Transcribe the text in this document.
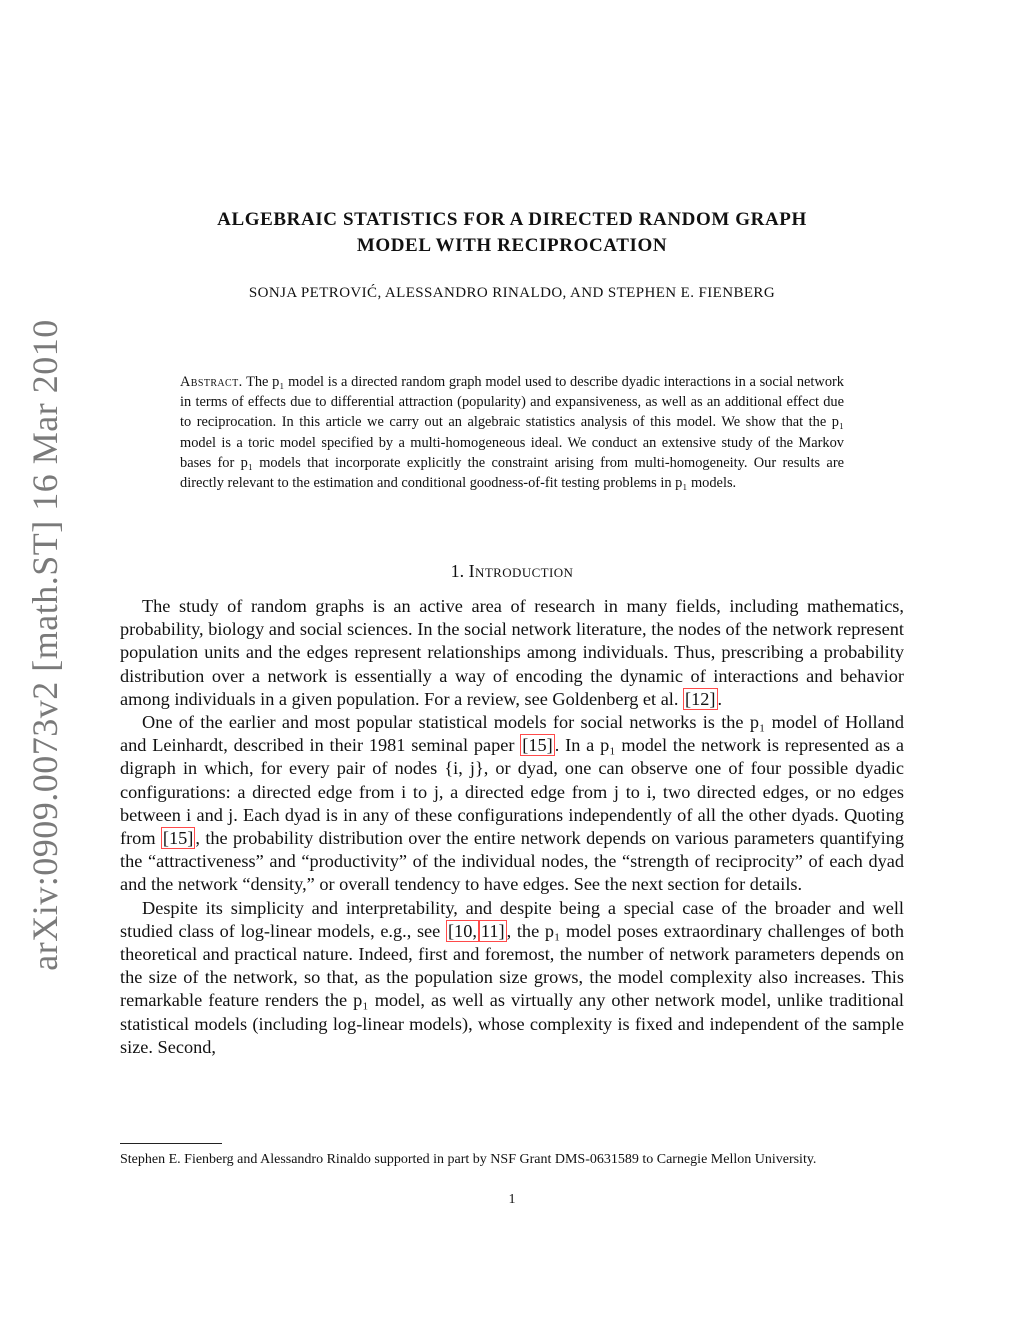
arXiv:0909.0073v2 [math.ST] 16 Mar 2010
ALGEBRAIC STATISTICS FOR A DIRECTED RANDOM GRAPH
MODEL WITH RECIPROCATION
SONJA PETROVIĆ, ALESSANDRO RINALDO, AND STEPHEN E. FIENBERG
Abstract. The p₁ model is a directed random graph model used to describe dyadic interactions in a social network in terms of effects due to differential attraction (popularity) and expansiveness, as well as an additional effect due to reciprocation. In this article we carry out an algebraic statistics analysis of this model. We show that the p₁ model is a toric model specified by a multi-homogeneous ideal. We conduct an extensive study of the Markov bases for p₁ models that incorporate explicitly the constraint arising from multi-homogeneity. Our results are directly relevant to the estimation and conditional goodness-of-fit testing problems in p₁ models.
1. Introduction

The study of random graphs is an active area of research in many fields, including mathematics, probability, biology and social sciences. In the social network literature, the nodes of the network represent population units and the edges represent relationships among individuals. Thus, prescribing a probability distribution over a network is essentially a way of encoding the dynamic of interactions and behavior among individuals in a given population. For a review, see Goldenberg et al. [12] .

One of the earlier and most popular statistical models for social networks is the p₁ model of Holland and Leinhardt, described in their 1981 seminal paper [15] . In a p₁ model the network is represented as a digraph in which, for every pair of nodes {i, j}, or dyad, one can observe one of four possible dyadic configurations: a directed edge from i to j, a directed edge from j to i, two directed edges, or no edges between i and j. Each dyad is in any of these configurations independently of all the other dyads. Quoting from [15] , the probability distribution over the entire network depends on various parameters quantifying the “attractiveness” and “productivity” of the individual nodes, the “strength of reciprocity” of each dyad and the network “density,” or overall tendency to have edges. See the next section for details.

Despite its simplicity and interpretability, and despite being a special case of the broader and well studied class of log-linear models, e.g., see [10, 11] , the p₁ model poses extraordinary challenges of both theoretical and practical nature. Indeed, first and foremost, the number of network parameters depends on the size of the network, so that, as the population size grows, the model complexity also increases. This remarkable feature renders the p₁ model, as well as virtually any other network model, unlike traditional statistical models (including log-linear models), whose complexity is fixed and independent of the sample size. Second,

Stephen E. Fienberg and Alessandro Rinaldo supported in part by NSF Grant DMS-0631589 to Carnegie Mellon University.
1
